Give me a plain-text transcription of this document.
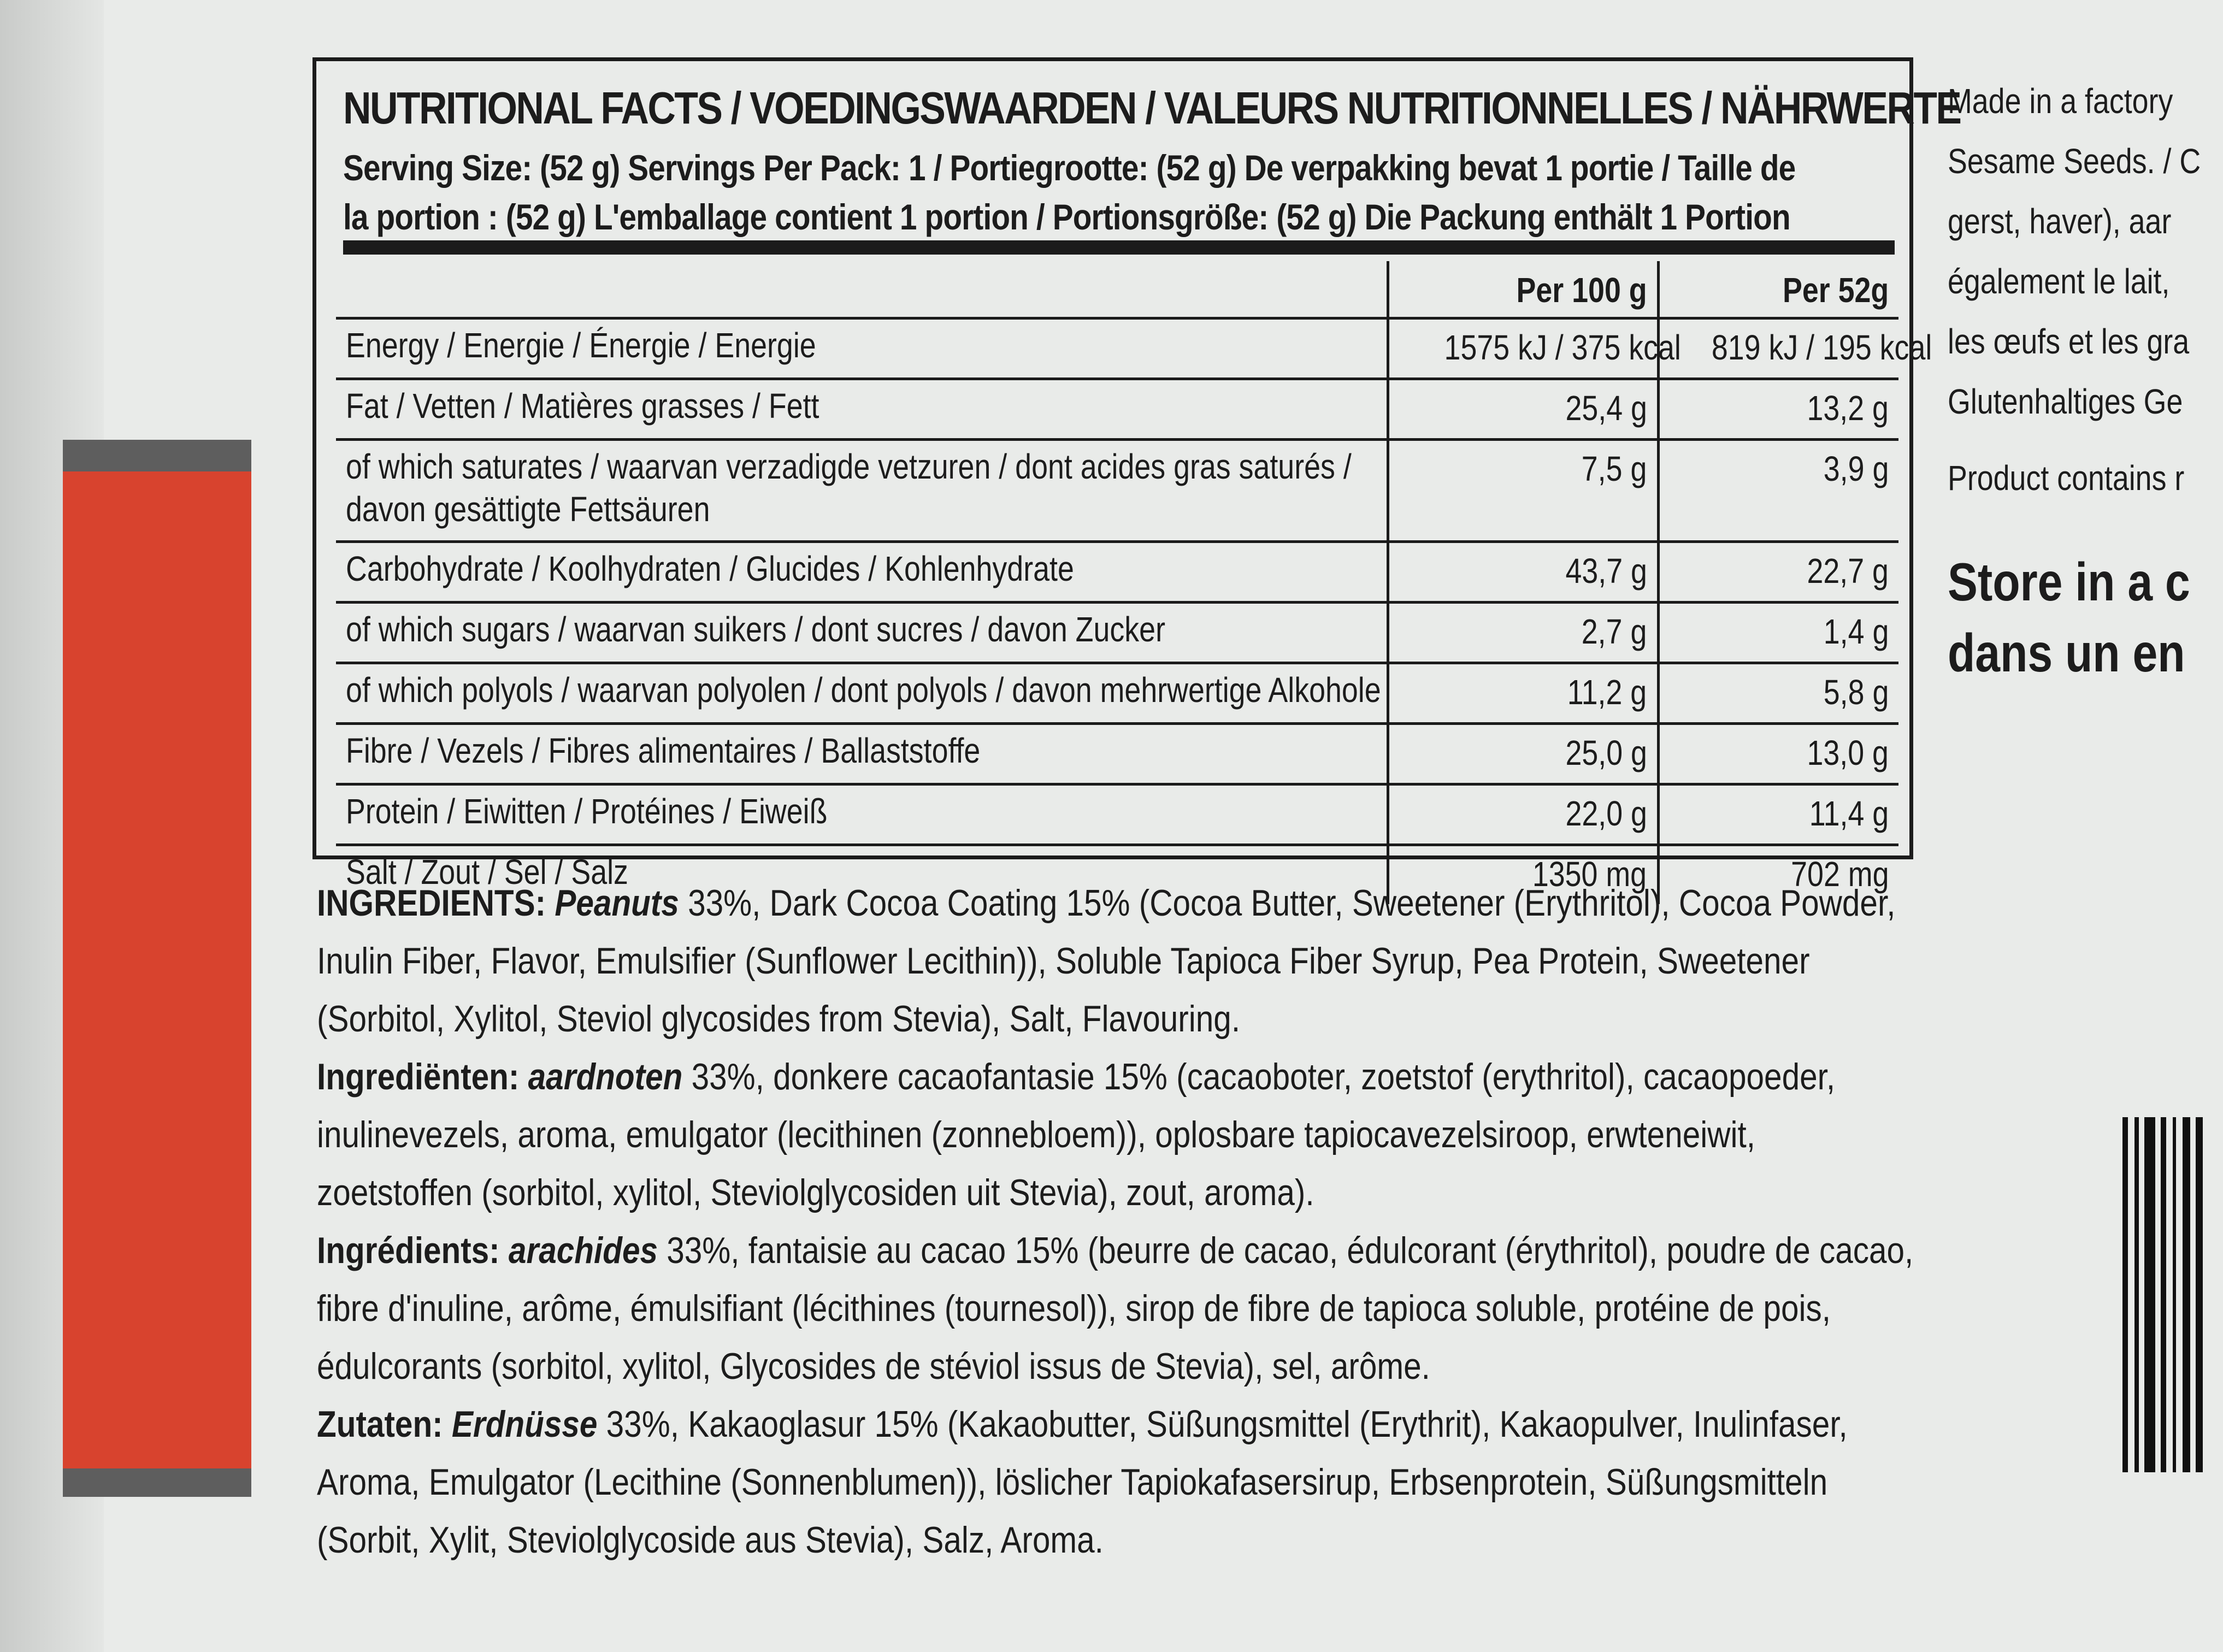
NUTRITIONAL FACTS / VOEDINGSWAARDEN / VALEURS NUTRITIONNELLES / NÄHRWERTE
Serving Size: (52 g) Servings Per Pack: 1 / Portiegrootte: (52 g) De verpakking bevat 1 portie / Taille de
la portion : (52 g) L'emballage contient 1 portion / Portionsgröße: (52 g) Die Packung enthält 1 Portion
	Per 100 g	Per 52g
Energy / Energie / Énergie / Energie	1575 kJ / 375 kcal	819 kJ / 195 kcal
Fat / Vetten / Matières grasses / Fett	25,4 g	13,2 g
of which saturates / waarvan verzadigde vetzuren / dont acides gras saturés /
davon gesättigte Fettsäuren	7,5 g	3,9 g
Carbohydrate / Koolhydraten / Glucides / Kohlenhydrate	43,7 g	22,7 g
of which sugars / waarvan suikers / dont sucres / davon Zucker	2,7 g	1,4 g
of which polyols / waarvan polyolen / dont polyols / davon mehrwertige Alkohole	11,2 g	5,8 g
Fibre / Vezels / Fibres alimentaires / Ballaststoffe	25,0 g	13,0 g
Protein / Eiwitten / Protéines / Eiweiß	22,0 g	11,4 g
Salt / Zout / Sel / Salz	1350 mg	702 mg

INGREDIENTS: Peanuts 33%, Dark Cocoa Coating 15% (Cocoa Butter, Sweetener (Erythritol), Cocoa Powder, Inulin Fiber, Flavor, Emulsifier (Sunflower Lecithin)), Soluble Tapioca Fiber Syrup, Pea Protein, Sweetener (Sorbitol, Xylitol, Steviol glycosides from Stevia), Salt, Flavouring.

Ingrediënten: aardnoten 33%, donkere cacaofantasie 15% (cacaoboter, zoetstof (erythritol), cacaopoeder, inulinevezels, aroma, emulgator (lecithinen (zonnebloem)), oplosbare tapiocavezelsiroop, erwteneiwit, zoetstoffen (sorbitol, xylitol, Steviolglycosiden uit Stevia), zout, aroma).

Ingrédients: arachides 33%, fantaisie au cacao 15% (beurre de cacao, édulcorant (érythritol), poudre de cacao, fibre d'inuline, arôme, émulsifiant (lécithines (tournesol)), sirop de fibre de tapioca soluble, protéine de pois, édulcorants (sorbitol, xylitol, Glycosides de stéviol issus de Stevia), sel, arôme.

Zutaten: Erdnüsse 33%, Kakaoglasur 15% (Kakaobutter, Süßungsmittel (Erythrit), Kakaopulver, Inulinfaser, Aroma, Emulgator (Lecithine (Sonnenblumen)), löslicher Tapiokafasersirup, Erbsenprotein, Süßungsmitteln (Sorbit, Xylit, Steviolglycoside aus Stevia), Salz, Aroma.

Made in a factory
Sesame Seeds. / C
gerst, haver), aar
également le lait,
les œufs et les gra
Glutenhaltiges Ge
Product contains r
Store in a c
dans un en
